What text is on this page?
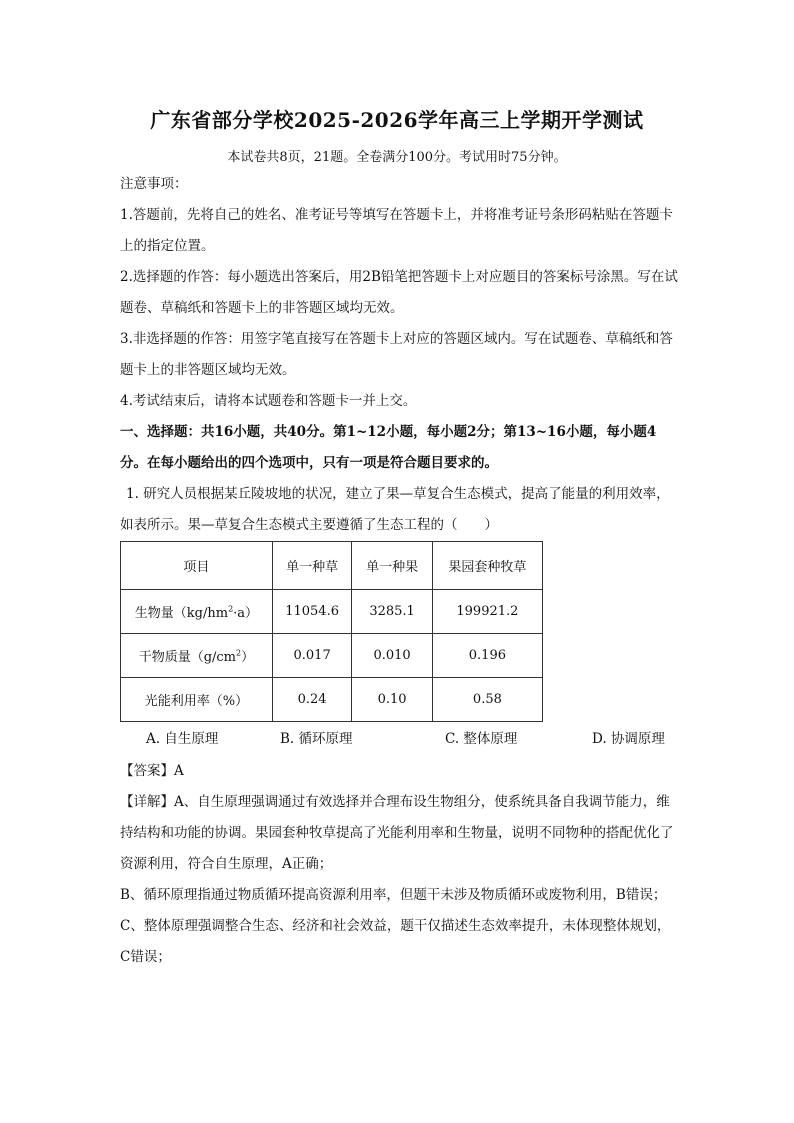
广东省部分学校2025-2026学年高三上学期开学测试
本试卷共8页，21题。全卷满分100分。考试用时75分钟。
注意事项：
1.答题前，先将自己的姓名、准考证号等填写在答题卡上，并将准考证号条形码粘贴在答题卡上的指定位置。
2.选择题的作答：每小题选出答案后，用2B铅笔把答题卡上对应题目的答案标号涂黑。写在试题卷、草稿纸和答题卡上的非答题区域均无效。
3.非选择题的作答：用签字笔直接写在答题卡上对应的答题区域内。写在试题卷、草稿纸和答题卡上的非答题区域均无效。
4.考试结束后，请将本试题卷和答题卡一并上交。
一、选择题：共16小题，共40分。第1~12小题，每小题2分；第13~16小题，每小题4分。在每小题给出的四个选项中，只有一项是符合题目要求的。
1. 研究人员根据某丘陵坡地的状况，建立了果—草复合生态模式，提高了能量的利用效率，如表所示。果—草复合生态模式主要遵循了生态工程的（　　）
项目	单一种草	单一种果	果园套种牧草
生物量$(kg/hm^2\cdot a)$	11054.6	3285.1	199921.2
干物质量$(g/cm^2)$	0.017	0.010	0.196
光能利用率（%）	0.24	0.10	0.58
A. 自生原理	B. 循环原理	C. 整体原理	D. 协调原理
【答案】A
【详解】A、自生原理强调通过有效选择并合理布设生物组分，使系统具备自我调节能力，维持结构和功能的协调。果园套种牧草提高了光能利用率和生物量，说明不同物种的搭配优化了资源利用，符合自生原理，A正确；
B、循环原理指通过物质循环提高资源利用率，但题干未涉及物质循环或废物利用，B错误；
C、整体原理强调整合生态、经济和社会效益，题干仅描述生态效率提升，未体现整体规划，C错误；
